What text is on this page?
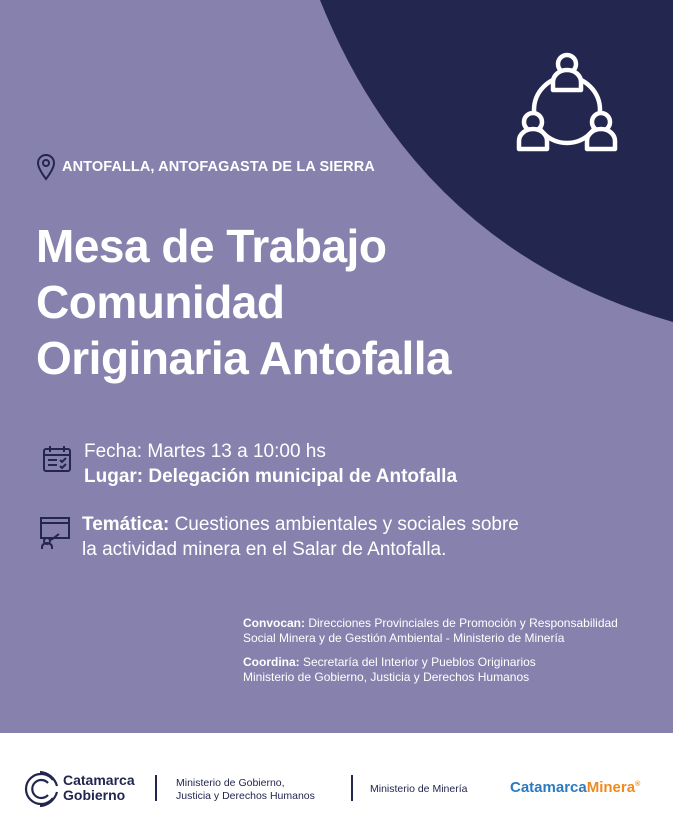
ANTOFALLA, ANTOFAGASTA DE LA SIERRA
Mesa de Trabajo
Comunidad
Originaria Antofalla
Fecha: Martes 13 a 10:00 hs
Lugar: Delegación municipal de Antofalla
Temática: Cuestiones ambientales y sociales sobre
la actividad minera en el Salar de Antofalla.

Convocan: Direcciones Provinciales de Promoción y Responsabilidad
Social Minera y de Gestión Ambiental - Ministerio de Minería

Coordina: Secretaría del Interior y Pueblos Originarios
Ministerio de Gobierno, Justicia y Derechos Humanos

Catamarca
Gobierno
Ministerio de Gobierno,
Justicia y Derechos Humanos
Ministerio de Minería	CatamarcaMinera®
